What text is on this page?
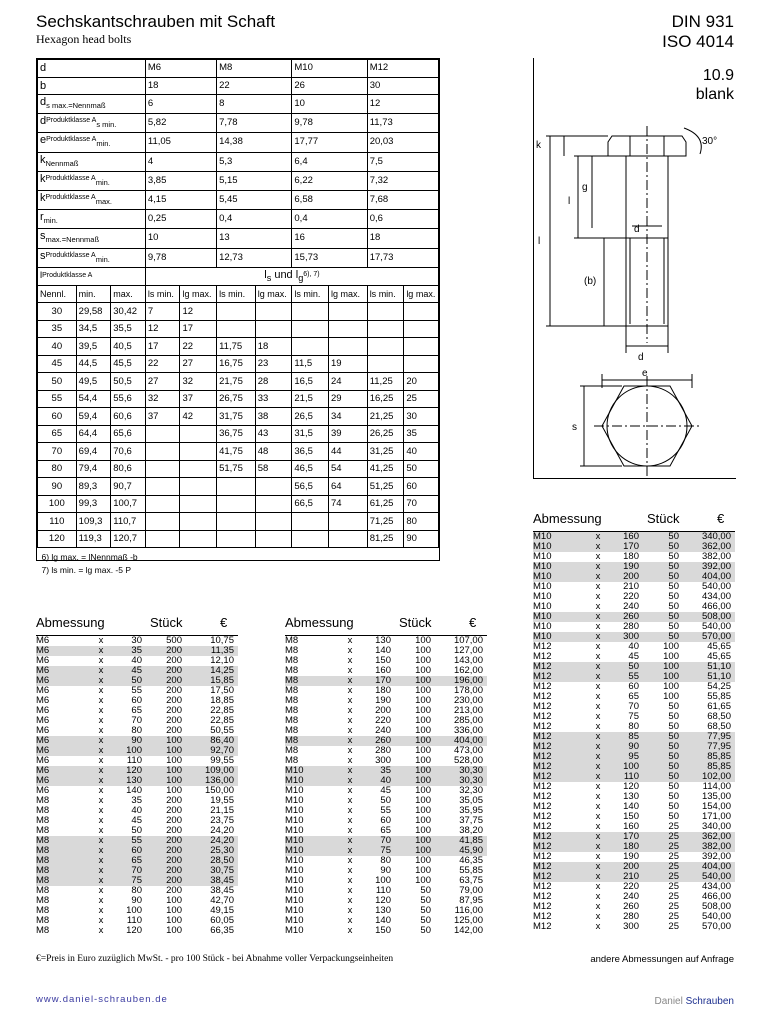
Sechskantschrauben mit Schaft
Hexagon head bolts
DIN 931
ISO 4014
10.9
blank
d			M6		M8		M10		M12	
b			18		22		26		30	
$d_{s max.=Nennmaß}$			6		8		10		12	
$d^{Produktklasse A}_{s min.}$			5,82		7,78		9,78		11,73	
$e^{Produktklasse A}_{min.}$			11,05		14,38		17,77		20,03	
$k_{Nennmaß}$			4		5,3		6,4		7,5	
$k^{Produktklasse A}_{min.}$			3,85		5,15		6,22		7,32	
$k^{Produktklasse A}_{max.}$			4,15		5,45		6,58		7,68	
$r_{min.}$			0,25		0,4		0,4		0,6	
$s_{max.=Nennmaß}$			10		13		16		18	
$s^{Produktklasse A}_{min.}$			9,78		12,73		15,73		17,73	
$l^{Produktklasse A}$			$l_s$ und $l_g^{6), 7)}$
Nennl.	min.	max.	ls min.	lg max.	ls min.	lg max.	ls min.	lg max.	ls min.	lg max.
30	29,58	30,42	7	12						
35	34,5	35,5	12	17						
40	39,5	40,5	17	22	11,75	18				
45	44,5	45,5	22	27	16,75	23	11,5	19		
50	49,5	50,5	27	32	21,75	28	16,5	24	11,25	20
55	54,4	55,6	32	37	26,75	33	21,5	29	16,25	25
60	59,4	60,6	37	42	31,75	38	26,5	34	21,25	30
65	64,4	65,6			36,75	43	31,5	39	26,25	35
70	69,4	70,6			41,75	48	36,5	44	31,25	40
80	79,4	80,6			51,75	58	46,5	54	41,25	50
90	89,3	90,7					56,5	64	51,25	60
100	99,3	100,7					66,5	74	61,25	70
110	109,3	110,7							71,25	80
120	119,3	120,7							81,25	90

6) lg max. = lNennmaß -b
7) ls min. = lg max. -5 P										
k	30°
l
l
(b)
s
g
d
d
e
Abmessung	Stück	€
M6	x	30	500	10,75
M6	x	35	200	11,35
M6	x	40	200	12,10
M6	x	45	200	14,25
M6	x	50	200	15,85
M6	x	55	200	17,50
M6	x	60	200	18,85
M6	x	65	200	22,85
M6	x	70	200	22,85
M6	x	80	200	50,55
M6	x	90	100	86,40
M6	x	100	100	92,70
M6	x	110	100	99,55
M6	x	120	100	109,00
M6	x	130	100	136,00
M6	x	140	100	150,00
M8	x	35	200	19,55
M8	x	40	200	21,15
M8	x	45	200	23,75
M8	x	50	200	24,20
M8	x	55	200	24,20
M8	x	60	200	25,30
M8	x	65	200	28,50
M8	x	70	200	30,75
M8	x	75	200	38,45
M8	x	80	200	38,45
M8	x	90	100	42,70
M8	x	100	100	49,15
M8	x	110	100	60,05
M8	x	120	100	66,35
Abmessung	Stück	€
M8	x	130	100	107,00
M8	x	140	100	127,00
M8	x	150	100	143,00
M8	x	160	100	162,00
M8	x	170	100	196,00
M8	x	180	100	178,00
M8	x	190	100	230,00
M8	x	200	100	213,00
M8	x	220	100	285,00
M8	x	240	100	336,00
M8	x	260	100	404,00
M8	x	280	100	473,00
M8	x	300	100	528,00
M10	x	35	100	30,30
M10	x	40	100	30,30
M10	x	45	100	32,30
M10	x	50	100	35,05
M10	x	55	100	35,95
M10	x	60	100	37,75
M10	x	65	100	38,20
M10	x	70	100	41,85
M10	x	75	100	45,90
M10	x	80	100	46,35
M10	x	90	100	55,85
M10	x	100	100	63,75
M10	x	110	50	79,00
M10	x	120	50	87,95
M10	x	130	50	116,00
M10	x	140	50	125,00
M10	x	150	50	142,00
Abmessung	Stück	€
M10	x	160	50	340,00
M10	x	170	50	362,00
M10	x	180	50	382,00
M10	x	190	50	392,00
M10	x	200	50	404,00
M10	x	210	50	540,00
M10	x	220	50	434,00
M10	x	240	50	466,00
M10	x	260	50	508,00
M10	x	280	50	540,00
M10	x	300	50	570,00
M12	x	40	100	45,65
M12	x	45	100	45,65
M12	x	50	100	51,10
M12	x	55	100	51,10
M12	x	60	100	54,25
M12	x	65	100	55,85
M12	x	70	50	61,65
M12	x	75	50	68,50
M12	x	80	50	68,50
M12	x	85	50	77,95
M12	x	90	50	77,95
M12	x	95	50	85,85
M12	x	100	50	85,85
M12	x	110	50	102,00
M12	x	120	50	114,00
M12	x	130	50	135,00
M12	x	140	50	154,00
M12	x	150	50	171,00
M12	x	160	25	340,00
M12	x	170	25	362,00
M12	x	180	25	382,00
M12	x	190	25	392,00
M12	x	200	25	404,00
M12	x	210	25	540,00
M12	x	220	25	434,00
M12	x	240	25	466,00
M12	x	260	25	508,00
M12	x	280	25	540,00
M12	x	300	25	570,00
€=Preis in Euro zuzüglich MwSt. - pro 100 Stück - bei Abnahme voller Verpackungseinheiten	andere Abmessungen auf Anfrage
www.daniel-schrauben.de	Daniel Schrauben
